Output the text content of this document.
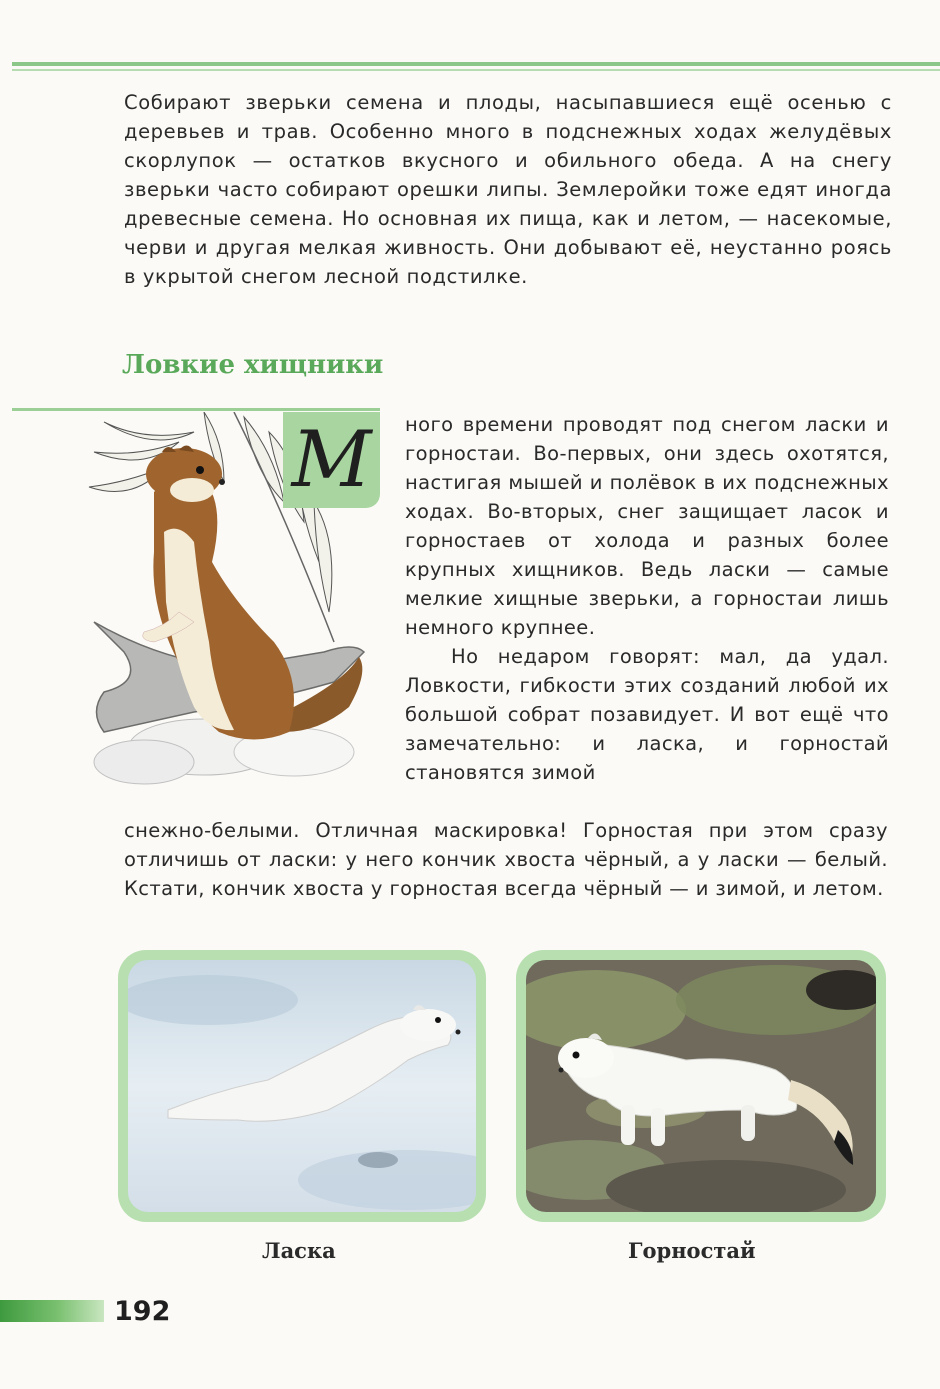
Собирают зверьки семена и плоды, насыпавшиеся ещё осенью с деревьев и трав. Особенно много в подснежных ходах желудёвых скорлупок — остатков вкусного и обильного обеда. А на снегу зверьки часто собирают орешки липы. Землеройки тоже едят иногда древесные семена. Но основная их пища, как и летом, — насекомые, черви и другая мелкая живность. Они добывают её, неустанно роясь в укрытой снегом лесной подстилке.

Ловкие хищники
М	ного времени проводят под снегом ласки и горностаи. Во-первых, они здесь охотятся, настигая мышей и полёвок в их подснежных ходах. Во-вторых, снег защищает ласок и горностаев от холода и разных более крупных хищников. Ведь ласки — самые мелкие хищные зверьки, а горностаи лишь немного крупнее.

Но недаром говорят: мал, да удал. Ловкости, гибкости этих созданий любой их большой собрат позавидует. И вот ещё что замечательно: и ласка, и горностай становятся зимой

снежно-белыми. Отличная маскировка! Горностая при этом сразу отличишь от ласки: у него кончик хвоста чёрный, а у ласки — белый. Кстати, кончик хвоста у горностая всегда чёрный — и зимой, и летом.

Ласка	Горностай

192
